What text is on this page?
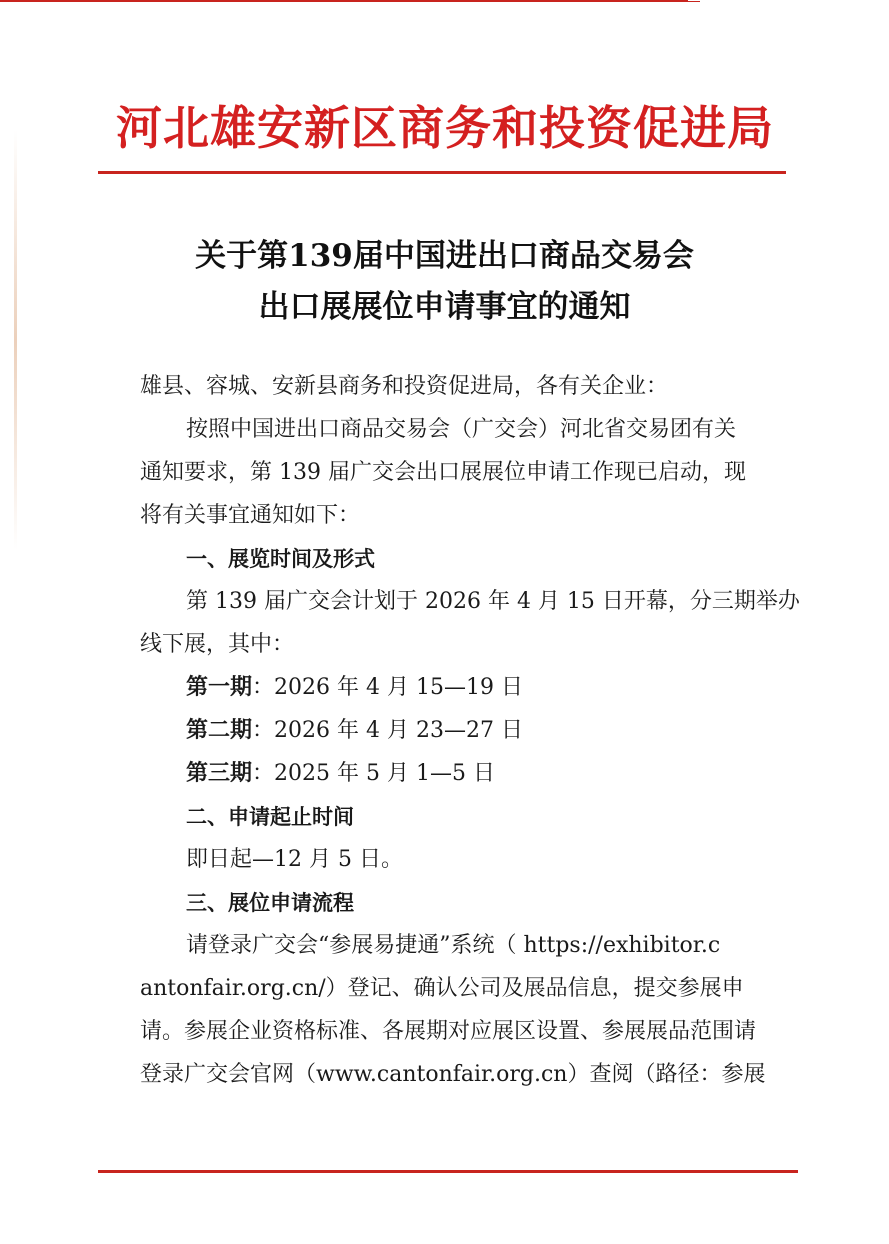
河北雄安新区商务和投资促进局
关于第139届中国进出口商品交易会
出口展展位申请事宜的通知
雄县、容城、安新县商务和投资促进局，各有关企业：
按照中国进出口商品交易会（广交会）河北省交易团有关
通知要求，第 139 届广交会出口展展位申请工作现已启动，现
将有关事宜通知如下：
一、展览时间及形式
第 139 届广交会计划于 2026 年 4 月 15 日开幕，分三期举办
线下展，其中：
第一期：2026 年 4 月 15—19 日
第二期：2026 年 4 月 23—27 日
第三期：2025 年 5 月 1—5 日
二、申请起止时间
即日起—12 月 5 日。
三、展位申请流程
请登录广交会“参展易捷通”系统（ https://exhibitor.c
antonfair.org.cn/）登记、确认公司及展品信息，提交参展申
请。参展企业资格标准、各展期对应展区设置、参展展品范围请
登录广交会官网（www.cantonfair.org.cn）查阅（路径：参展
